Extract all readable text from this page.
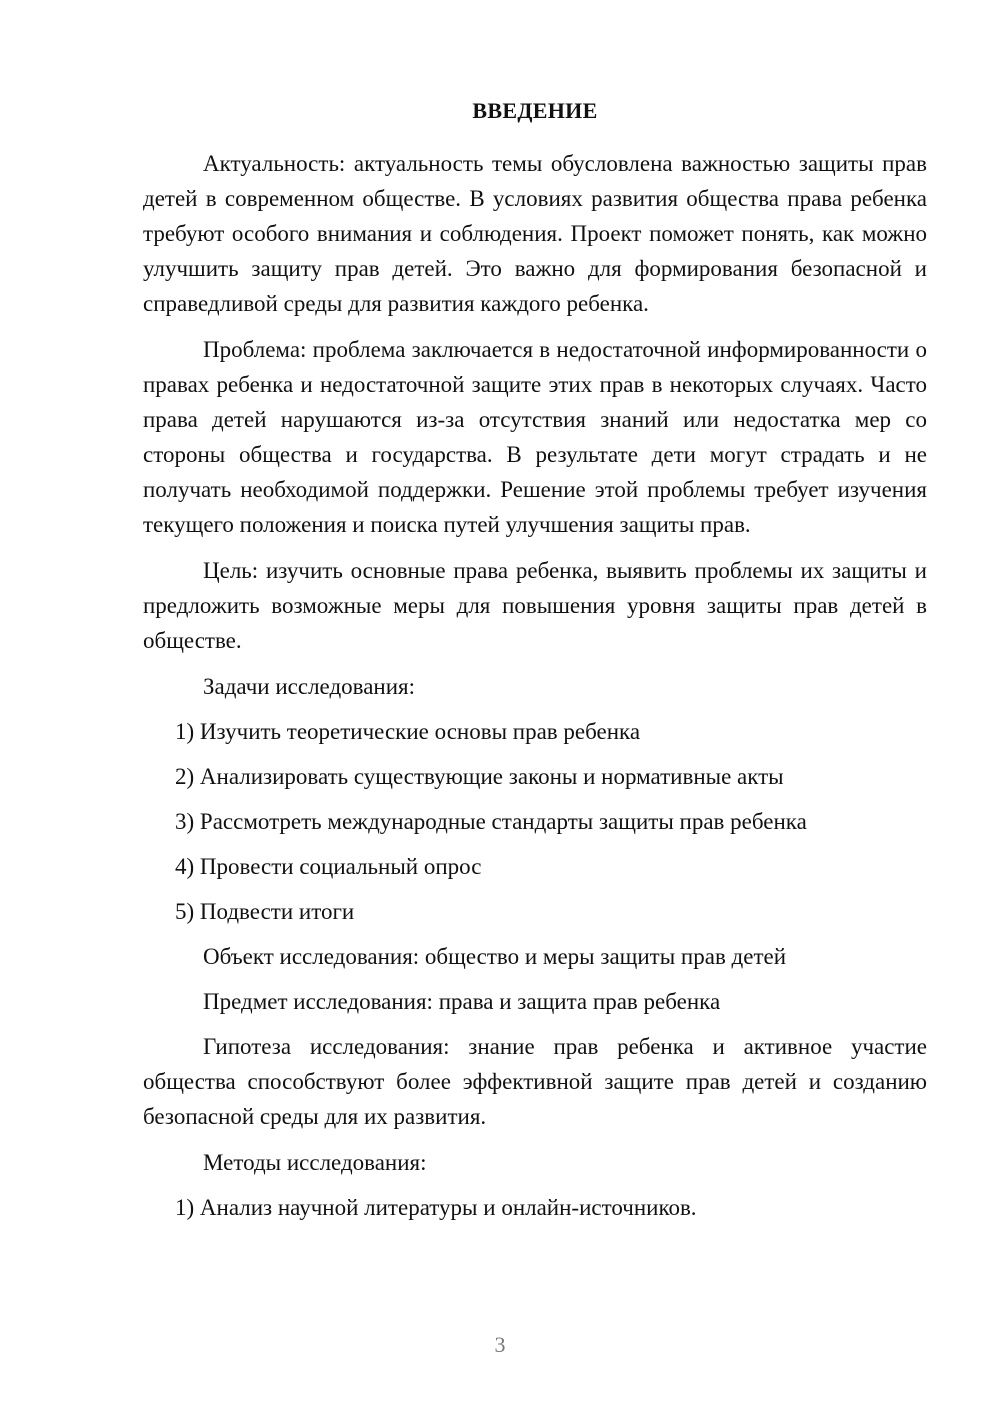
ВВЕДЕНИЕ

Актуальность: актуальность темы обусловлена важностью защиты прав детей в современном обществе. В условиях развития общества права ребенка требуют особого внимания и соблюдения. Проект поможет понять, как можно улучшить защиту прав детей. Это важно для формирования безопасной и справедливой среды для развития каждого ребенка.

Проблема: проблема заключается в недостаточной информированности о правах ребенка и недостаточной защите этих прав в некоторых случаях. Часто права детей нарушаются из-за отсутствия знаний или недостатка мер со стороны общества и государства. В результате дети могут страдать и не получать необходимой поддержки. Решение этой проблемы требует изучения текущего положения и поиска путей улучшения защиты прав.

Цель: изучить основные права ребенка, выявить проблемы их защиты и предложить возможные меры для повышения уровня защиты прав детей в обществе.

Задачи исследования:

1) Изучить теоретические основы прав ребенка

2) Анализировать существующие законы и нормативные акты

3) Рассмотреть международные стандарты защиты прав ребенка

4) Провести социальный опрос

5) Подвести итоги

Объект исследования: общество и меры защиты прав детей

Предмет исследования: права и защита прав ребенка

Гипотеза исследования: знание прав ребенка и активное участие общества способствуют более эффективной защите прав детей и созданию безопасной среды для их развития.

Методы исследования:

1) Анализ научной литературы и онлайн-источников.

3
